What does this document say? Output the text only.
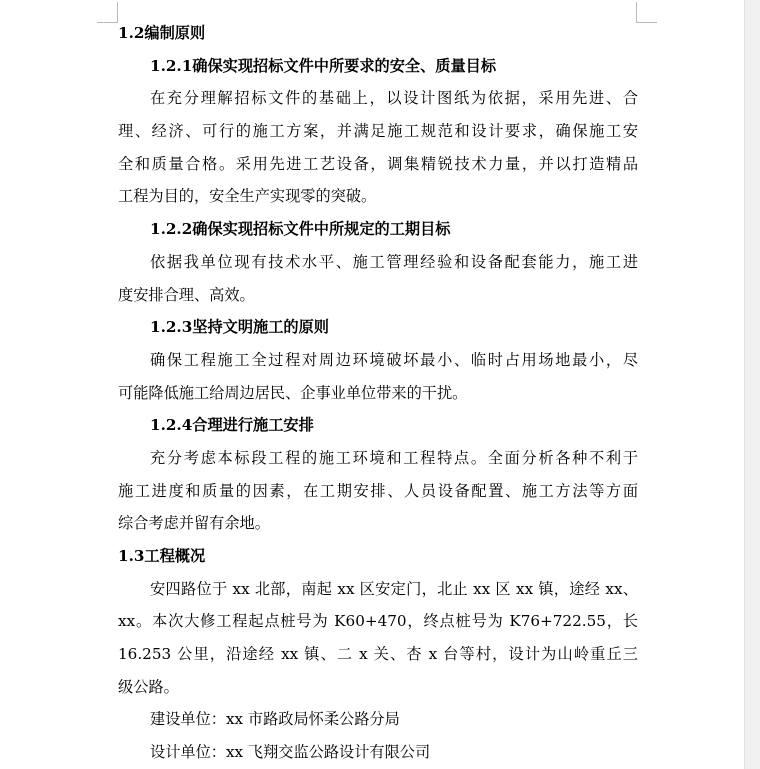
1.2编制原则
1.2.1确保实现招标文件中所要求的安全、质量目标
在充分理解招标文件的基础上，以设计图纸为依据，采用先进、合
理、经济、可行的施工方案，并满足施工规范和设计要求，确保施工安
全和质量合格。采用先进工艺设备，调集精锐技术力量，并以打造精品
工程为目的，安全生产实现零的突破。
1.2.2确保实现招标文件中所规定的工期目标
依据我单位现有技术水平、施工管理经验和设备配套能力，施工进
度安排合理、高效。
1.2.3坚持文明施工的原则
确保工程施工全过程对周边环境破坏最小、临时占用场地最小，尽
可能降低施工给周边居民、企事业单位带来的干扰。
1.2.4合理进行施工安排
充分考虑本标段工程的施工环境和工程特点。全面分析各种不利于
施工进度和质量的因素，在工期安排、人员设备配置、施工方法等方面
综合考虑并留有余地。
1.3工程概况
安四路位于 xx 北部，南起 xx 区安定门，北止 xx 区 xx 镇，途经 xx、
xx。本次大修工程起点桩号为 K60+470，终点桩号为 K76+722.55，长
16.253 公里，沿途经 xx 镇、二 x 关、杏 x 台等村，设计为山岭重丘三
级公路。
建设单位：xx 市路政局怀柔公路分局
设计单位：xx 飞翔交监公路设计有限公司
